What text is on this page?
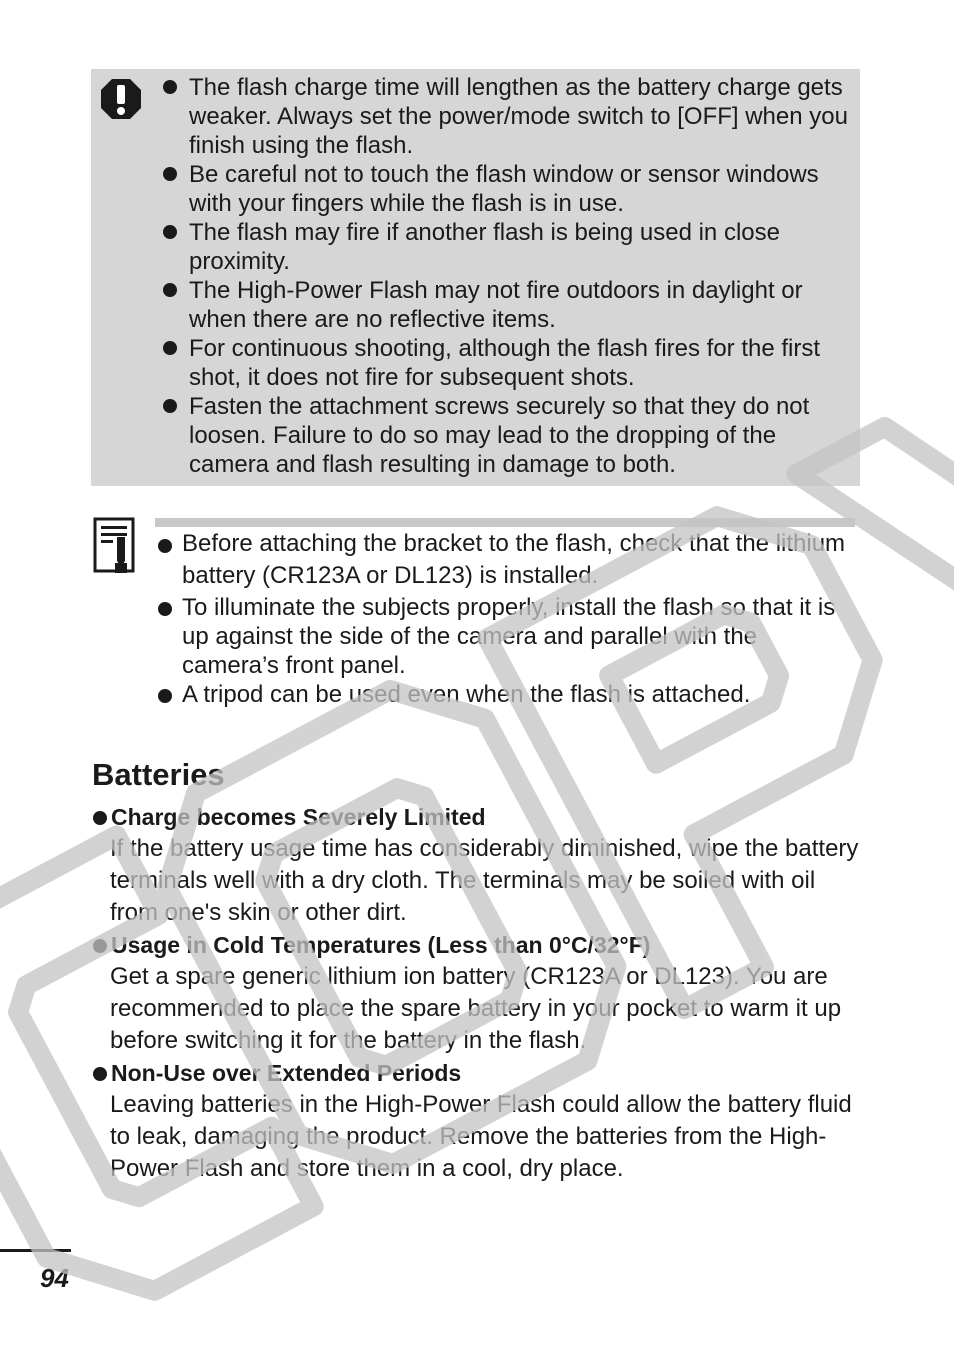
The flash charge time will lengthen as the battery charge gets weaker. Always set the power/mode switch to [OFF] when you finish using the flash.
Be careful not to touch the flash window or sensor windows with your fingers while the flash is in use.
The flash may fire if another flash is being used in close proximity.
The High-Power Flash may not fire outdoors in daylight or when there are no reflective items.
For continuous shooting, although the flash fires for the first shot, it does not fire for subsequent shots.
Fasten the attachment screws securely so that they do not loosen. Failure to do so may lead to the dropping of the camera and flash resulting in damage to both.
Before attaching the bracket to the flash, check that the lithium battery (CR123A or DL123) is installed.
To illuminate the subjects properly, install the flash so that it is up against the side of the camera and parallel with the camera’s front panel.
A tripod can be used even when the flash is attached.
Batteries

Charge becomes Severely Limited

If the battery usage time has considerably diminished, wipe the battery terminals well with a dry cloth. The terminals may be soiled with oil from one's skin or other dirt.

Usage in Cold Temperatures (Less than 0°C/32°F)

Get a spare generic lithium ion battery (CR123A or DL123). You are recommended to place the spare battery in your pocket to warm it up before switching it for the battery in the flash.

Non-Use over Extended Periods

Leaving batteries in the High-Power Flash could allow the battery fluid to leak, damaging the product. Remove the batteries from the High-Power Flash and store them in a cool, dry place.

94
